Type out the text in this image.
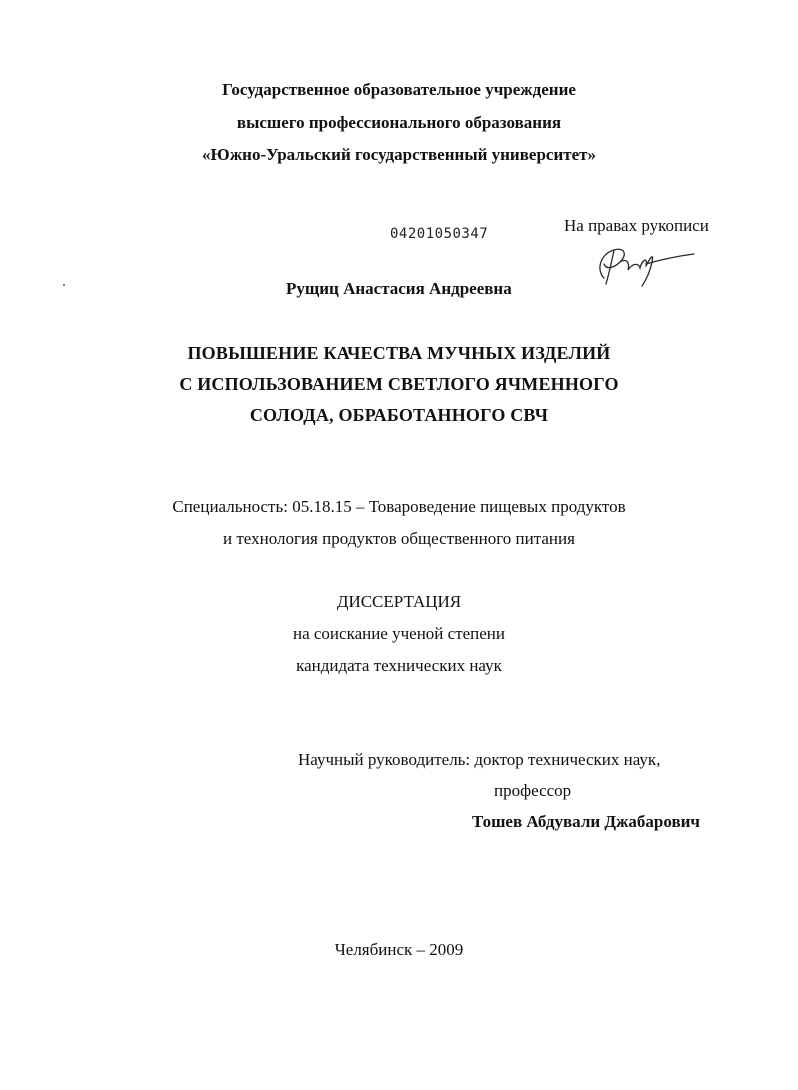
Государственное образовательное учреждение
высшего профессионального образования
«Южно-Уральский государственный университет»
04201050347	На правах рукописи
Рущиц Анастасия Андреевна
ПОВЫШЕНИЕ КАЧЕСТВА МУЧНЫХ ИЗДЕЛИЙ
С ИСПОЛЬЗОВАНИЕМ СВЕТЛОГО ЯЧМЕННОГО
СОЛОДА, ОБРАБОТАННОГО СВЧ
Специальность: 05.18.15 – Товароведение пищевых продуктов
и технология продуктов общественного питания
ДИССЕРТАЦИЯ
на соискание ученой степени
кандидата технических наук
Научный руководитель: доктор технических наук,
профессор
Тошев Абдували Джабарович
Челябинск – 2009
